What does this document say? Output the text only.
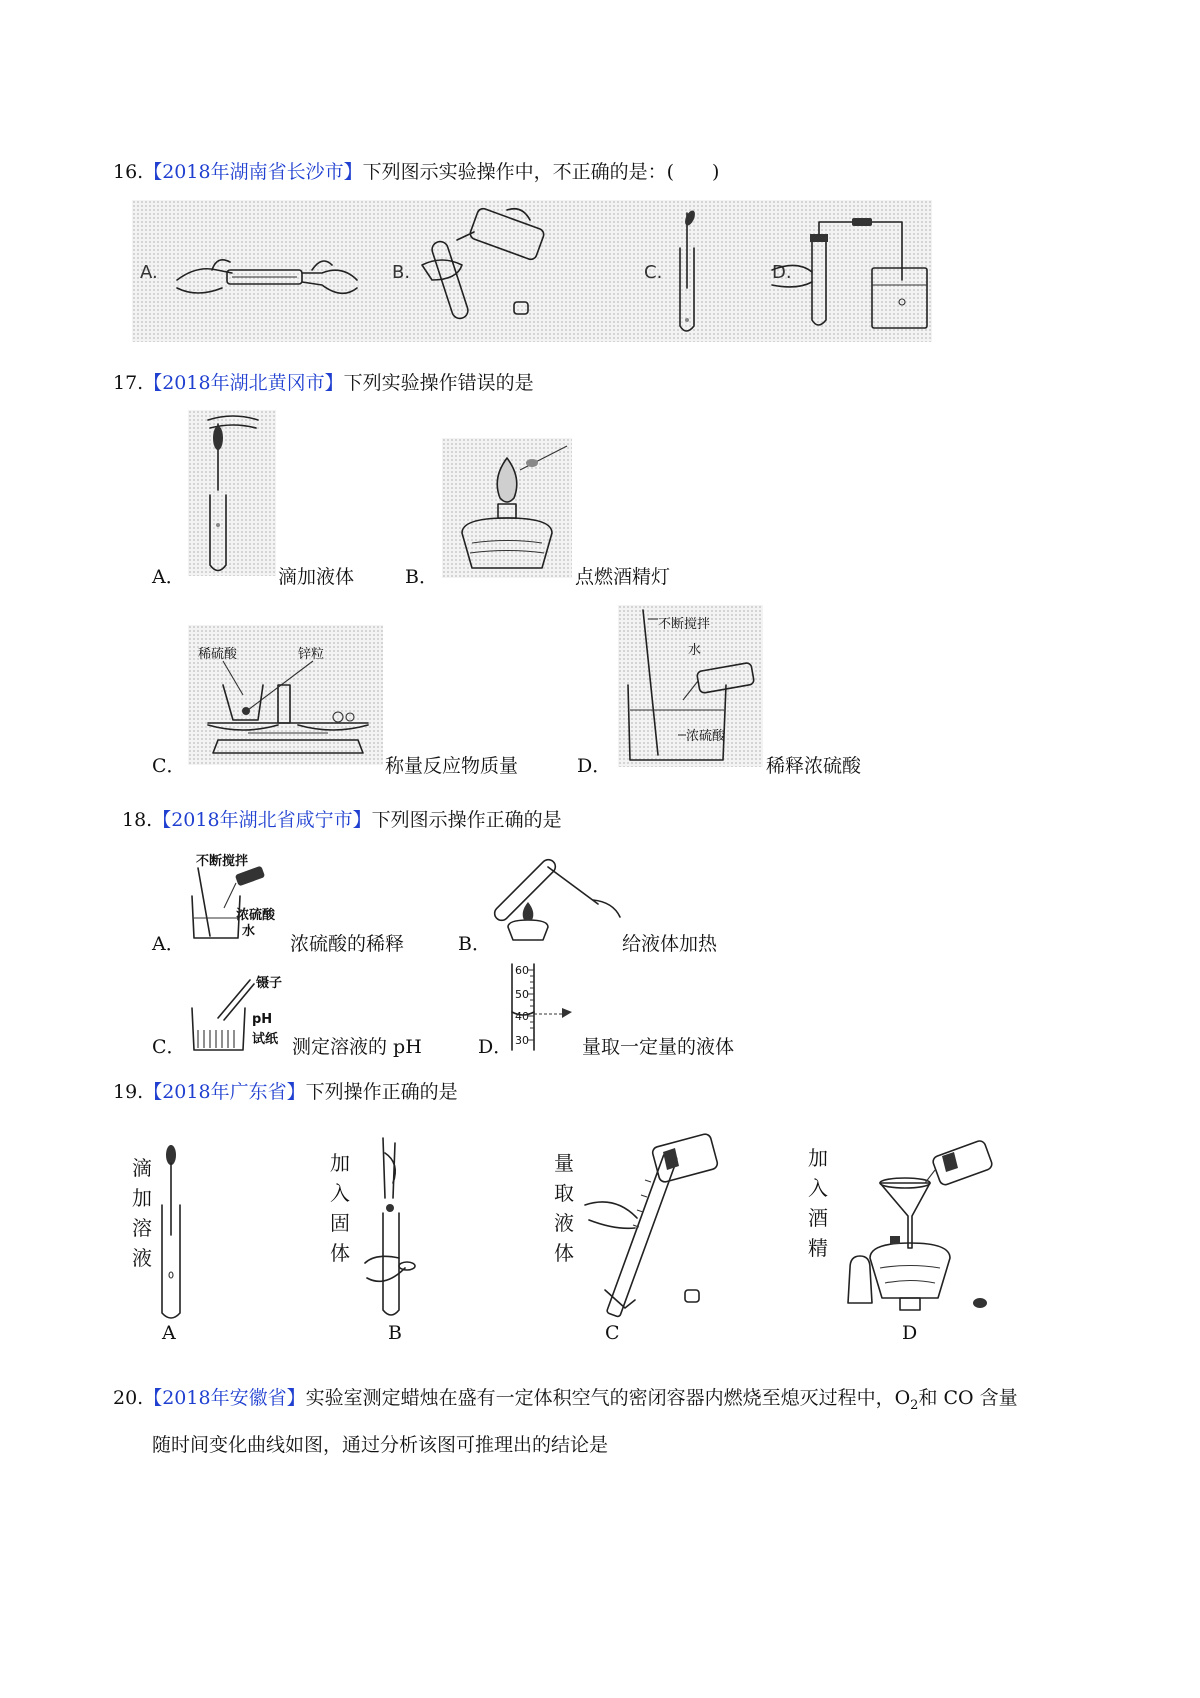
16.【2018年湖南省长沙市】下列图示实验操作中，不正确的是：(　　)
A.	B.	C.	D.
17.【2018年湖北黄冈市】下列实验操作错误的是
A．	滴加液体	B．	点燃酒精灯
稀硫酸	锌粒
C．	称量反应物质量
不断搅拌
水
浓硫酸
D．	稀释浓硫酸
18.【2018年湖北省咸宁市】下列图示操作正确的是
不断搅拌
浓硫酸
水
A．	浓硫酸的稀释	B．	给液体加热
镊子
pH
试纸
C．	测定溶液的 pH
60
50
40
30
D．	量取一定量的液体
19.【2018年广东省】下列操作正确的是
滴加溶液
A
加入固体
B
量取液体
C
加入酒精
D
20.【2018年安徽省】实验室测定蜡烛在盛有一定体积空气的密闭容器内燃烧至熄灭过程中，$O_2$和 CO 含量
随时间变化曲线如图，通过分析该图可推理出的结论是
